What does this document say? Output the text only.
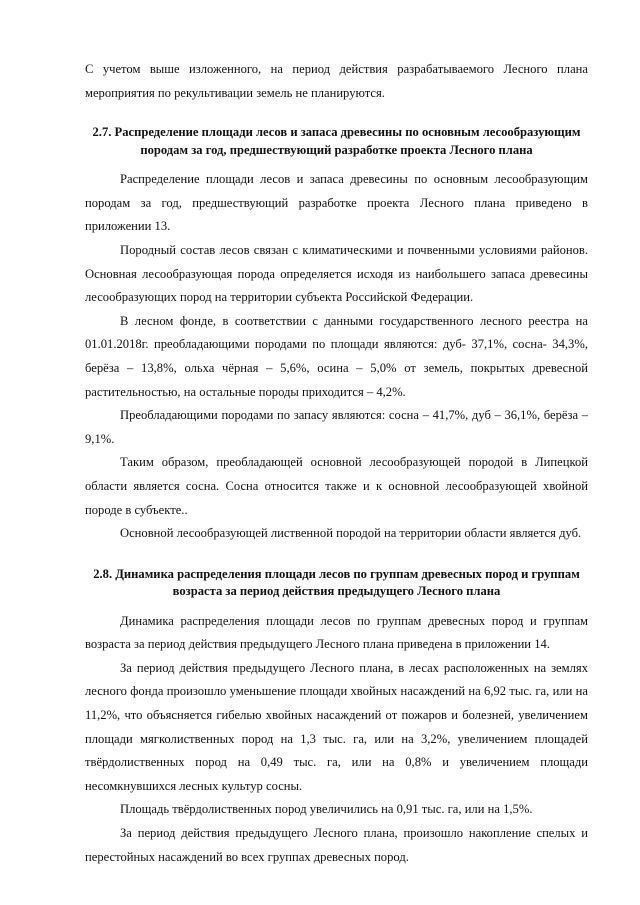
С учетом выше изложенного, на период действия разрабатываемого Лесного плана мероприятия по рекультивации земель не планируются.

2.7. Распределение площади лесов и запаса древесины по основным лесообразующим породам за год, предшествующий разработке проекта Лесного плана

Распределение площади лесов и запаса древесины по основным лесообразующим породам за год, предшествующий разработке проекта Лесного плана приведено в приложении 13.

Породный состав лесов связан с климатическими и почвенными условиями районов. Основная лесообразующая порода определяется исходя из наибольшего запаса древесины лесообразующих пород на территории субъекта Российской Федерации.

В лесном фонде, в соответствии с данными государственного лесного реестра на 01.01.2018г. преобладающими породами по площади являются: дуб- 37,1%, сосна- 34,3%, берёза – 13,8%, ольха чёрная – 5,6%, осина – 5,0% от земель, покрытых древесной растительностью, на остальные породы приходится – 4,2%.

Преобладающими породами по запасу являются: сосна – 41,7%, дуб – 36,1%, берёза – 9,1%.

Таким образом, преобладающей основной лесообразующей породой в Липецкой области является сосна. Сосна относится также и к основной лесообразующей хвойной породе в субъекте..

Основной лесообразующей лиственной породой на территории области является дуб.

2.8. Динамика распределения площади лесов по группам древесных пород и группам возраста за период действия предыдущего Лесного плана

Динамика распределения площади лесов по группам древесных пород и группам возраста за период действия предыдущего Лесного плана приведена в приложении 14.

За период действия предыдущего Лесного плана, в лесах расположенных на землях лесного фонда произошло уменьшение площади хвойных насаждений на 6,92 тыс. га, или на 11,2%, что объясняется гибелью хвойных насаждений от пожаров и болезней, увеличением площади мягколиственных пород на 1,3 тыс. га, или на 3,2%, увеличением площадей твёрдолиственных пород на 0,49 тыс. га, или на 0,8% и увеличением площади несомкнувшихся лесных культур сосны.

Площадь твёрдолиственных пород увеличились на 0,91 тыс. га, или на 1,5%.

За период действия предыдущего Лесного плана, произошло накопление спелых и перестойных насаждений во всех группах древесных пород.
